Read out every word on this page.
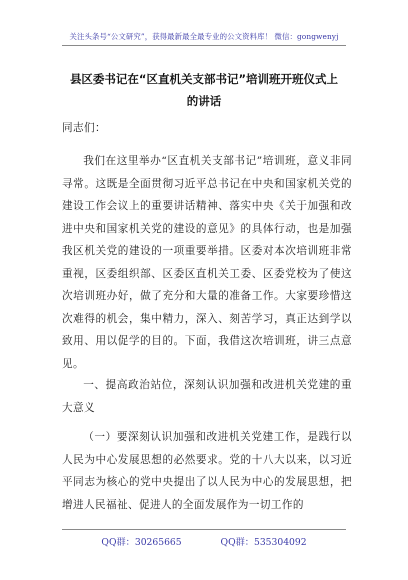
关注头条号“公文研究”，获得最新最全最专业的公文资料库！ 微信：gongwenyj
县区委书记在“区直机关支部书记”培训班开班仪式上
的讲话
同志们：
我们在这里举办“区直机关支部书记”培训班，意义非同寻常。这既是全面贯彻习近平总书记在中央和国家机关党的建设工作会议上的重要讲话精神、落实中央《关于加强和改进中央和国家机关党的建设的意见》的具体行动，也是加强我区机关党的建设的一项重要举措。区委对本次培训班非常重视，区委组织部、区委区直机关工委、区委党校为了使这次培训班办好，做了充分和大量的准备工作。大家要珍惜这次难得的机会，集中精力，深入、刻苦学习，真正达到学以致用、用以促学的目的。下面，我借这次培训班，讲三点意见。
一、提高政治站位，深刻认识加强和改进机关党建的重大意义
（一）要深刻认识加强和改进机关党建工作，是践行以人民为中心发展思想的必然要求。党的十八大以来，以习近平同志为核心的党中央提出了以人民为中心的发展思想，把增进人民福祉、促进人的全面发展作为一切工作的
QQ群：30265665	QQ群：535304092
